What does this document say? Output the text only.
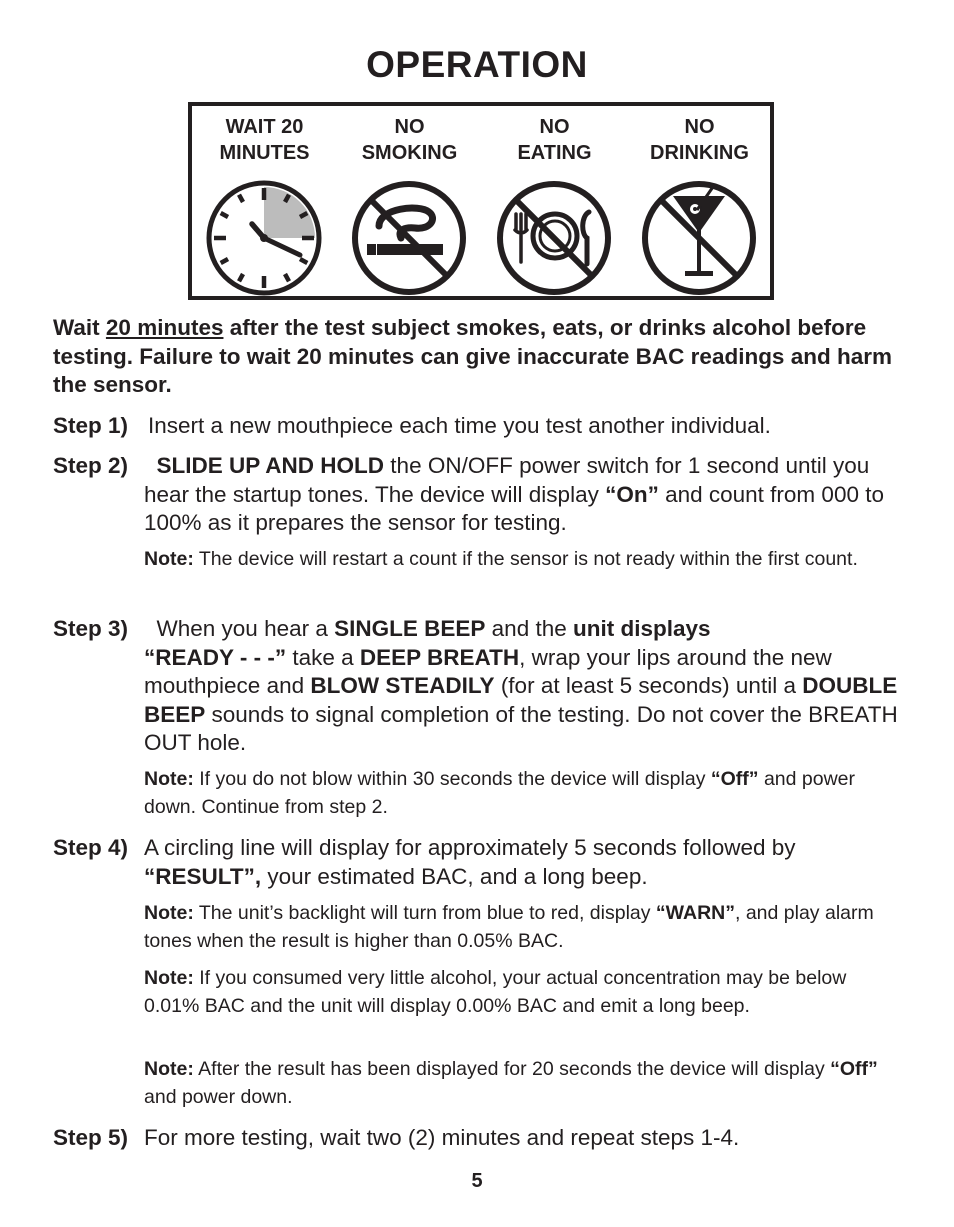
OPERATION
WAIT 20
MINUTES
NO
SMOKING
NO
EATING
NO
DRINKING
Wait 20 minutes after the test subject smokes, eats, or drinks alcohol before testing. Failure to wait 20 minutes can give inaccurate BAC readings and harm the sensor.
Step 1) Insert a new mouthpiece each time you test another individual.
Step 2)	SLIDE UP AND HOLD the ON/OFF power switch for 1 second until you hear the startup tones. The device will display “On” and count from 000 to 100% as it prepares the sensor for testing.
Note: The device will restart a count if the sensor is not ready within the first count.
Step 3)	When you hear a SINGLE BEEP and the unit displays
“READY - - -” take a DEEP BREATH, wrap your lips around the new mouthpiece and BLOW STEADILY (for at least 5 seconds) until a DOUBLE BEEP sounds to signal completion of the testing. Do not cover the BREATH OUT hole.
Note: If you do not blow within 30 seconds the device will display “Off” and power down. Continue from step 2.
Step 4) A circling line will display for approximately 5 seconds followed by “RESULT”, your estimated BAC, and a long beep.
Note: The unit’s backlight will turn from blue to red, display “WARN”, and play alarm tones when the result is higher than 0.05% BAC.
Note: If you consumed very little alcohol, your actual concentration may be below 0.01% BAC and the unit will display 0.00% BAC and emit a long beep.
Note: After the result has been displayed for 20 seconds the device will display “Off” and power down.
Step 5) For more testing, wait two (2) minutes and repeat steps 1-4.
5
